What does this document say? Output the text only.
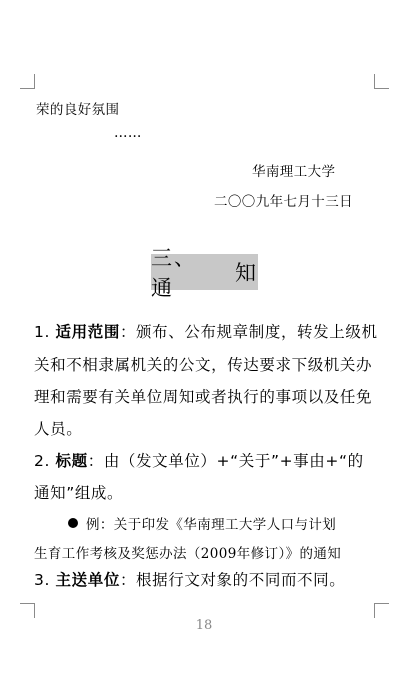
荣的良好氛围
……
华南理工大学
二〇〇九年七月十三日
三、通
知
1. 适用范围：颁布、公布规章制度，转发上级机
关和不相隶属机关的公文，传达要求下级机关办
理和需要有关单位周知或者执行的事项以及任免
人员。
2. 标题：由（发文单位）+“关于”+事由+“的
通知”组成。
例：关于印发《华南理工大学人口与计划
生育工作考核及奖惩办法（2009年修订）》的通知
3. 主送单位：根据行文对象的不同而不同。
18
